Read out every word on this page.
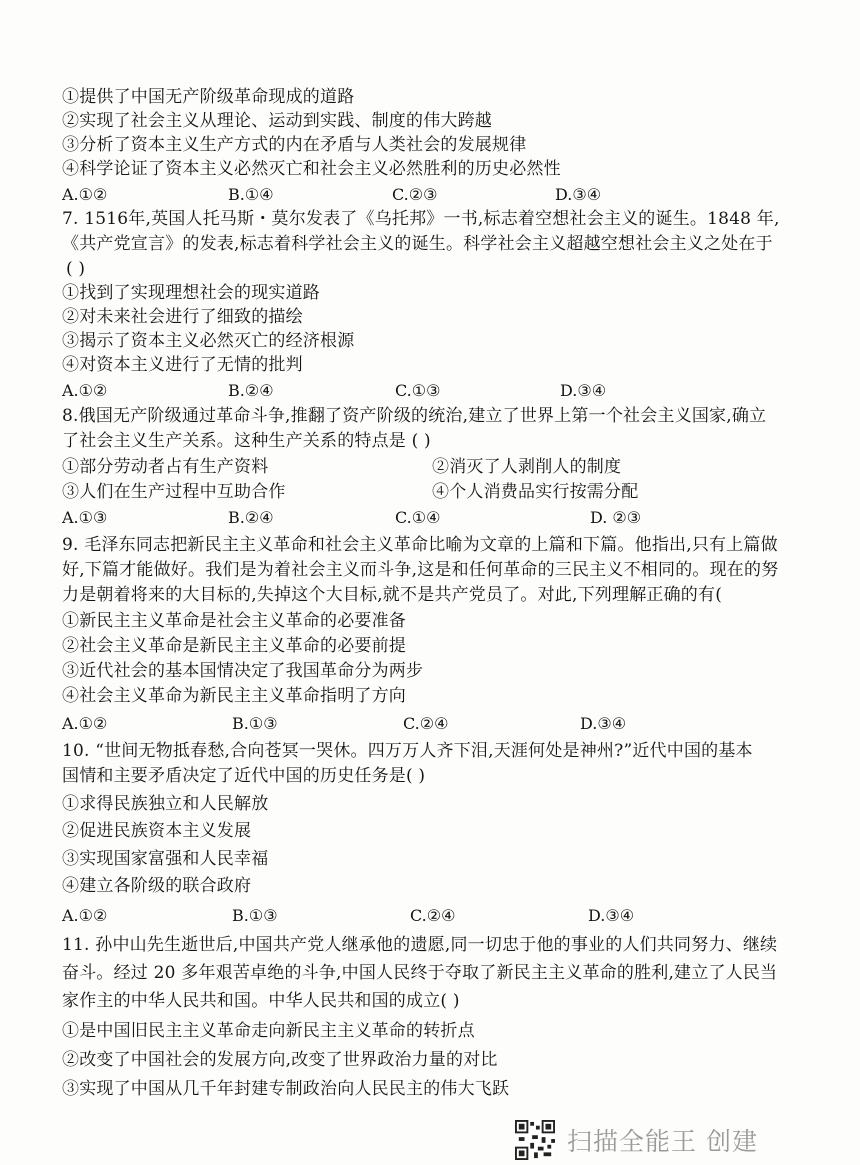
①提供了中国无产阶级革命现成的道路
②实现了社会主义从理论、运动到实践、制度的伟大跨越
③分析了资本主义生产方式的内在矛盾与人类社会的发展规律
④科学论证了资本主义必然灭亡和社会主义必然胜利的历史必然性
A.①②	B.①④	C.②③	D.③④
7. 1516年,英国人托马斯・莫尔发表了《乌托邦》一书,标志着空想社会主义的诞生。1848 年,
《共产党宣言》的发表,标志着科学社会主义的诞生。科学社会主义超越空想社会主义之处在于
( )
①找到了实现理想社会的现实道路
②对未来社会进行了细致的描绘
③揭示了资本主义必然灭亡的经济根源
④对资本主义进行了无情的批判
A.①②	B.②④	C.①③	D.③④
8.俄国无产阶级通过革命斗争,推翻了资产阶级的统治,建立了世界上第一个社会主义国家,确立
了社会主义生产关系。这种生产关系的特点是 ( )
①部分劳动者占有生产资料	②消灭了人剥削人的制度
③人们在生产过程中互助合作	④个人消费品实行按需分配
A.①③	B.②④	C.①④	D. ②③
9. 毛泽东同志把新民主主义革命和社会主义革命比喻为文章的上篇和下篇。他指出,只有上篇做
好,下篇才能做好。我们是为着社会主义而斗争,这是和任何革命的三民主义不相同的。现在的努
力是朝着将来的大目标的,失掉这个大目标,就不是共产党员了。对此,下列理解正确的有(
①新民主主义革命是社会主义革命的必要准备
②社会主义革命是新民主主义革命的必要前提
③近代社会的基本国情决定了我国革命分为两步
④社会主义革命为新民主主义革命指明了方向
A.①②	B.①③	C.②④	D.③④
10. “世间无物抵春愁,合向苍冥一哭休。四万万人齐下泪,天涯何处是神州?”近代中国的基本
国情和主要矛盾决定了近代中国的历史任务是( )
①求得民族独立和人民解放
②促进民族资本主义发展
③实现国家富强和人民幸福
④建立各阶级的联合政府
A.①②	B.①③	C.②④	D.③④
11. 孙中山先生逝世后,中国共产党人继承他的遗愿,同一切忠于他的事业的人们共同努力、继续
奋斗。经过 20 多年艰苦卓绝的斗争,中国人民终于夺取了新民主主义革命的胜利,建立了人民当
家作主的中华人民共和国。中华人民共和国的成立( )
①是中国旧民主主义革命走向新民主主义革命的转折点
②改变了中国社会的发展方向,改变了世界政治力量的对比
③实现了中国从几千年封建专制政治向人民民主的伟大飞跃
扫描全能王 创建
